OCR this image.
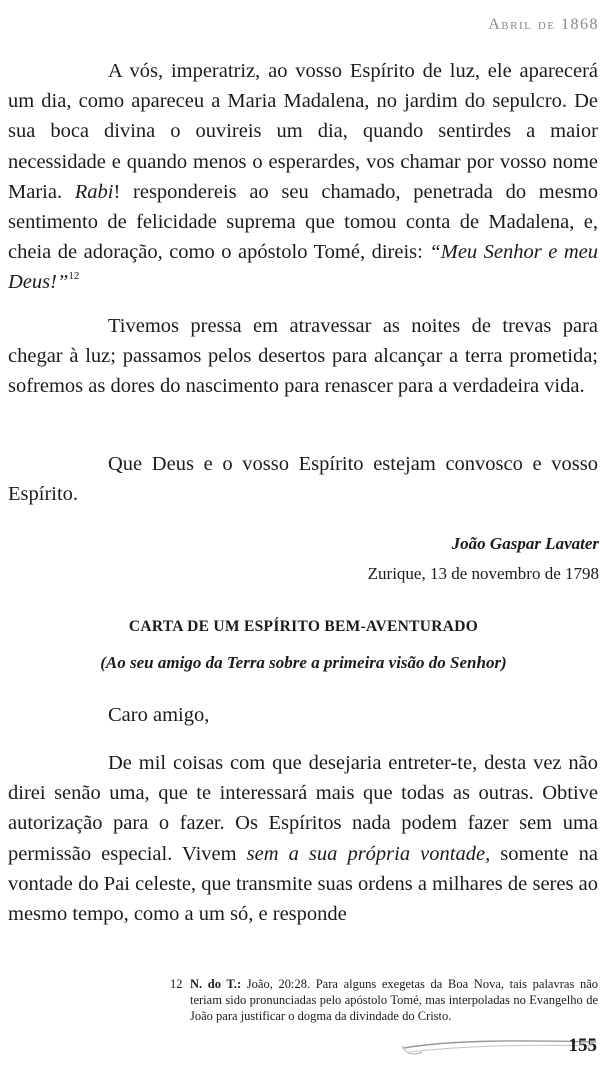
Abril de 1868

A vós, imperatriz, ao vosso Espírito de luz, ele aparecerá um dia, como apareceu a Maria Madalena, no jardim do sepulcro. De sua boca divina o ouvireis um dia, quando sentirdes a maior necessidade e quando menos o esperardes, vos chamar por vosso nome Maria. Rabi! respondereis ao seu chamado, penetrada do mesmo sentimento de felicidade suprema que tomou conta de Madalena, e, cheia de adoração, como o apóstolo Tomé, direis: “Meu Senhor e meu Deus!”$^{12}$

Tivemos pressa em atravessar as noites de trevas para chegar à luz; passamos pelos desertos para alcançar a terra prometida; sofremos as dores do nascimento para renascer para a verdadeira vida.

Que Deus e o vosso Espírito estejam convosco e vosso Espírito.

João Gaspar Lavater
Zurique, 13 de novembro de 1798
CARTA DE UM ESPÍRITO BEM-AVENTURADO
(Ao seu amigo da Terra sobre a primeira visão do Senhor)

Caro amigo,

De mil coisas com que desejaria entreter-te, desta vez não direi senão uma, que te interessará mais que todas as outras. Obtive autorização para o fazer. Os Espíritos nada podem fazer sem uma permissão especial. Vivem sem a sua própria vontade, somente na vontade do Pai celeste, que transmite suas ordens a milhares de seres ao mesmo tempo, como a um só, e responde

12 N. do T.: João, 20:28. Para alguns exegetas da Boa Nova, tais palavras não teriam sido pronunciadas pelo apóstolo Tomé, mas interpoladas no Evangelho de João para justificar o dogma da divindade do Cristo.
155
